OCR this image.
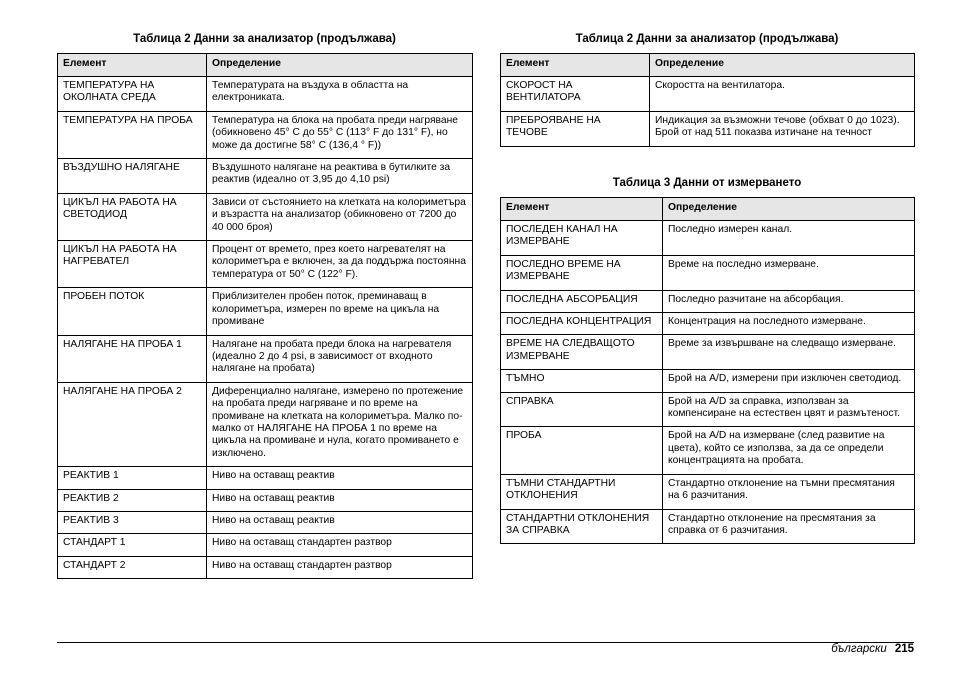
Таблица 2 Данни за анализатор (продължава)
Елемент	Определение
ТЕМПЕРАТУРА НА ОКОЛНАТА СРЕДА	Температурата на въздуха в областта на електрониката.
ТЕМПЕРАТУРА НА ПРОБА	Температура на блока на пробата преди нагряване (обикновено 45° C до 55° C (113° F до 131° F), но може да достигне 58° C (136,4 ° F))
ВЪЗДУШНО НАЛЯГАНЕ	Въздушното налягане на реактива в бутилките за реактив (идеално от 3,95 до 4,10 psi)
ЦИКЪЛ НА РАБОТА НА СВЕТОДИОД	Зависи от състоянието на клетката на колориметъра и възрастта на анализатор (обикновено от 7200 до 40 000 броя)
ЦИКЪЛ НА РАБОТА НА НАГРЕВАТЕЛ	Процент от времето, през което нагревателят на колориметъра е включен, за да поддържа постоянна температура от 50° C (122° F).
ПРОБЕН ПОТОК	Приблизителен пробен поток, преминаващ в колориметъра, измерен по време на цикъла на промиване
НАЛЯГАНЕ НА ПРОБА 1	Налягане на пробата преди блока на нагревателя (идеално 2 до 4 psi, в зависимост от входното налягане на пробата)
НАЛЯГАНЕ НА ПРОБА 2	Диференциално налягане, измерено по протежение на пробата преди нагряване и по време на промиване на клетката на колориметъра. Малко по-малко от НАЛЯГАНЕ НА ПРОБА 1 по време на цикъла на промиване и нула, когато промиването е изключено.
РЕАКТИВ 1	Ниво на оставащ реактив
РЕАКТИВ 2	Ниво на оставащ реактив
РЕАКТИВ 3	Ниво на оставащ реактив
СТАНДАРТ 1	Ниво на оставащ стандартен разтвор
СТАНДАРТ 2	Ниво на оставащ стандартен разтвор
Таблица 2 Данни за анализатор (продължава)
Елемент	Определение
СКОРОСТ НА ВЕНТИЛАТОРА	Скоростта на вентилатора.
ПРЕБРОЯВАНЕ НА ТЕЧОВЕ	Индикация за възможни течове (обхват 0 до 1023). Брой от над 511 показва изтичане на течност
Таблица 3 Данни от измерването
Елемент	Определение
ПОСЛЕДЕН КАНАЛ НА ИЗМЕРВАНЕ	Последно измерен канал.
ПОСЛЕДНО ВРЕМЕ НА ИЗМЕРВАНЕ	Време на последно измерване.
ПОСЛЕДНА АБСОРБАЦИЯ	Последно разчитане на абсорбация.
ПОСЛЕДНА КОНЦЕНТРАЦИЯ	Концентрация на последното измерване.
ВРЕМЕ НА СЛЕДВАЩОТО ИЗМЕРВАНЕ	Време за извършване на следващо измерване.
ТЪМНО	Брой на A/D, измерени при изключен светодиод.
СПРАВКА	Брой на A/D за справка, използван за компенсиране на естествен цвят и размътеност.
ПРОБА	Брой на A/D на измерване (след развитие на цвета), който се използва, за да се определи концентрацията на пробата.
ТЪМНИ СТАНДАРТНИ ОТКЛОНЕНИЯ	Стандартно отклонение на тъмни пресмятания на 6 разчитания.
СТАНДАРТНИ ОТКЛОНЕНИЯ ЗА СПРАВКА	Стандартно отклонение на пресмятания за справка от 6 разчитания.
български 215
